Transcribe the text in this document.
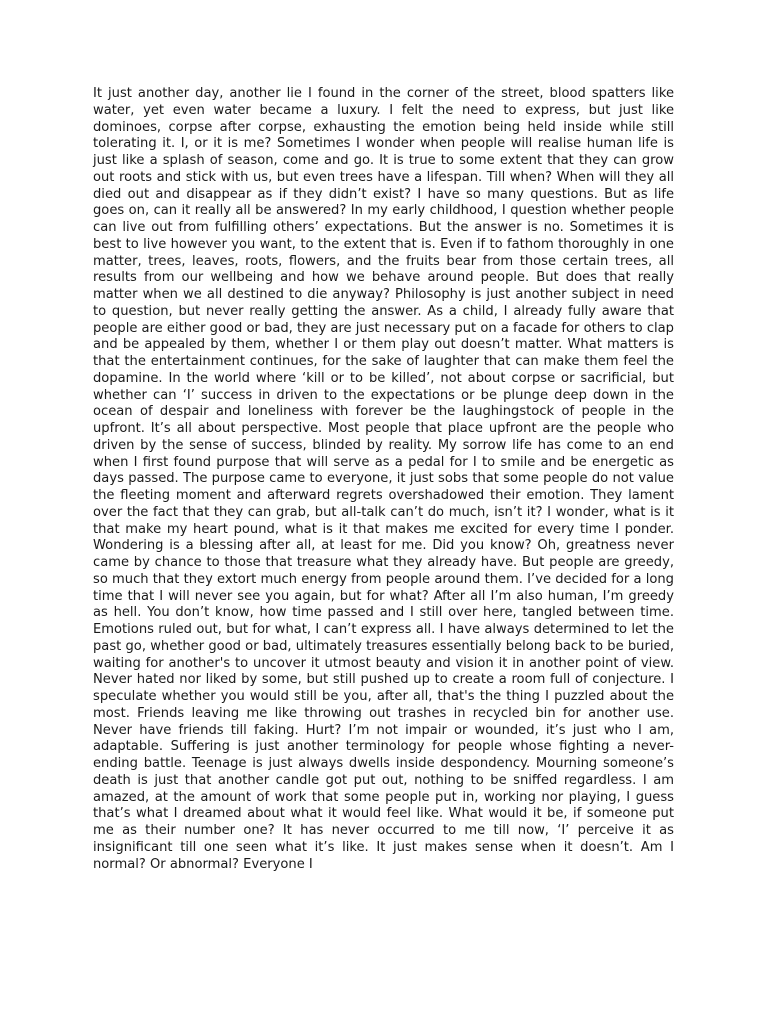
It just another day, another lie I found in the corner of the street, blood spatters like water, yet even water became a luxury. I felt the need to express, but just like dominoes, corpse after corpse, exhausting the emotion being held inside while still tolerating it. I, or it is me? Sometimes I wonder when people will realise human life is just like a splash of season, come and go. It is true to some extent that they can grow out roots and stick with us, but even trees have a lifespan. Till when? When will they all died out and disappear as if they didn’t exist? I have so many questions. But as life goes on, can it really all be answered? In my early childhood, I question whether people can live out from fulfilling others’ expectations. But the answer is no. Sometimes it is best to live however you want, to the extent that is. Even if to fathom thoroughly in one matter, trees, leaves, roots, flowers, and the fruits bear from those certain trees, all results from our wellbeing and how we behave around people. But does that really matter when we all destined to die anyway? Philosophy is just another subject in need to question, but never really getting the answer. As a child, I already fully aware that people are either good or bad, they are just necessary put on a facade for others to clap and be appealed by them, whether I or them play out doesn’t matter. What matters is that the entertainment continues, for the sake of laughter that can make them feel the dopamine. In the world where ‘kill or to be killed’, not about corpse or sacrificial, but whether can ‘I’ success in driven to the expectations or be plunge deep down in the ocean of despair and loneliness with forever be the laughingstock of people in the upfront. It’s all about perspective. Most people that place upfront are the people who driven by the sense of success, blinded by reality. My sorrow life has come to an end when I first found purpose that will serve as a pedal for I to smile and be energetic as days passed. The purpose came to everyone, it just sobs that some people do not value the fleeting moment and afterward regrets overshadowed their emotion. They lament over the fact that they can grab, but all-talk can’t do much, isn’t it? I wonder, what is it that make my heart pound, what is it that makes me excited for every time I ponder. Wondering is a blessing after all, at least for me. Did you know? Oh, greatness never came by chance to those that treasure what they already have. But people are greedy, so much that they extort much energy from people around them. I’ve decided for a long time that I will never see you again, but for what? After all I’m also human, I’m greedy as hell. You don’t know, how time passed and I still over here, tangled between time. Emotions ruled out, but for what, I can’t express all. I have always determined to let the past go, whether good or bad, ultimately treasures essentially belong back to be buried, waiting for another's to uncover it utmost beauty and vision it in another point of view. Never hated nor liked by some, but still pushed up to create a room full of conjecture. I speculate whether you would still be you, after all, that's the thing I puzzled about the most. Friends leaving me like throwing out trashes in recycled bin for another use. Never have friends till faking. Hurt? I’m not impair or wounded, it’s just who I am, adaptable. Suffering is just another terminology for people whose fighting a never-ending battle. Teenage is just always dwells inside despondency. Mourning someone’s death is just that another candle got put out, nothing to be sniffed regardless. I am amazed, at the amount of work that some people put in, working nor playing, I guess that’s what I dreamed about what it would feel like. What would it be, if someone put me as their number one? It has never occurred to me till now, ‘I’ perceive it as insignificant till one seen what it’s like. It just makes sense when it doesn’t. Am I normal? Or abnormal? Everyone I
